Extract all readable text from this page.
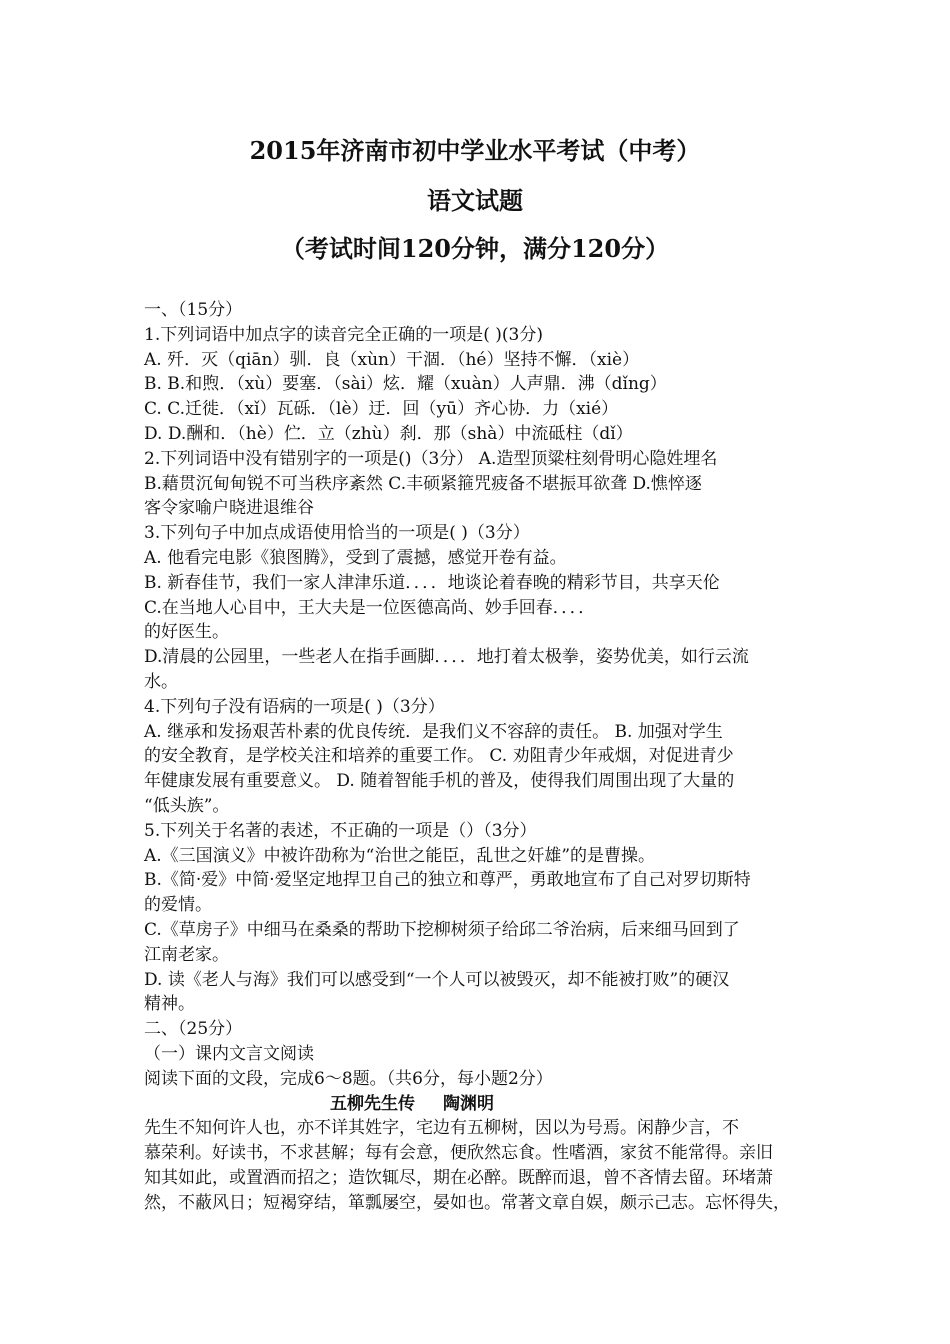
2015年济南市初中学业水平考试（中考）
语文试题
（考试时间120分钟，满分120分）
一、（15分）
1.下列词语中加点字的读音完全正确的一项是( )(3分)
A. 歼．灭（qiān）驯．良（xùn）干涸．（hé）坚持不懈．（xiè）
B. B.和煦．（xù）要塞．（sài）炫．耀（xuàn）人声鼎．沸（dǐng）
C. C.迁徙．（xǐ）瓦砾．（lè）迂．回（yū）齐心协．力（xié）
D. D.酬和．（hè）伫．立（zhù）刹．那（shà）中流砥柱（dǐ）
2.下列词语中没有错别字的一项是()（3分） A.造型顶粱柱刻骨明心隐姓埋名
B.藉贯沉甸甸锐不可当秩序紊然 C.丰硕紧箍咒疲备不堪振耳欲聋 D.憔悴逐
客令家喻户晓进退维谷
3.下列句子中加点成语使用恰当的一项是( )（3分）
A. 他看完电影《狼图腾》，受到了震撼，感觉开卷有益。
B. 新春佳节，我们一家人津津乐道．．．．地谈论着春晚的精彩节目，共享天伦
C.在当地人心目中，王大夫是一位医德高尚、妙手回春．．．．
的好医生。
D.清晨的公园里，一些老人在指手画脚．．．．地打着太极拳，姿势优美，如行云流
水。
4.下列句子没有语病的一项是( )（3分）
A. 继承和发扬艰苦朴素的优良传统．是我们义不容辞的责任。 B. 加强对学生
的安全教育，是学校关注和培养的重要工作。 C. 劝阻青少年戒烟，对促进青少
年健康发展有重要意义。 D. 随着智能手机的普及，使得我们周围出现了大量的
“低头族”。
5.下列关于名著的表述，不正确的一项是（）（3分）
A.《三国演义》中被许劭称为“治世之能臣，乱世之奸雄”的是曹操。
B.《简·爱》中简·爱坚定地捍卫自己的独立和尊严，勇敢地宣布了自己对罗切斯特
的爱情。
C.《草房子》中细马在桑桑的帮助下挖柳树须子给邱二爷治病，后来细马回到了
江南老家。
D. 读《老人与海》我们可以感受到“一个人可以被毁灭，却不能被打败”的硬汉
精神。
二、（25分）
（一）课内文言文阅读
阅读下面的文段，完成6～8题。（共6分，每小题2分）
五柳先生传 陶渊明
先生不知何许人也，亦不详其姓字，宅边有五柳树，因以为号焉。闲静少言，不
慕荣利。好读书，不求甚解；每有会意，便欣然忘食。性嗜酒，家贫不能常得。亲旧
知其如此，或置酒而招之；造饮辄尽，期在必醉。既醉而退，曾不吝情去留。环堵萧
然，不蔽风日；短褐穿结，箪瓢屡空，晏如也。常著文章自娱，颇示己志。忘怀得失，
